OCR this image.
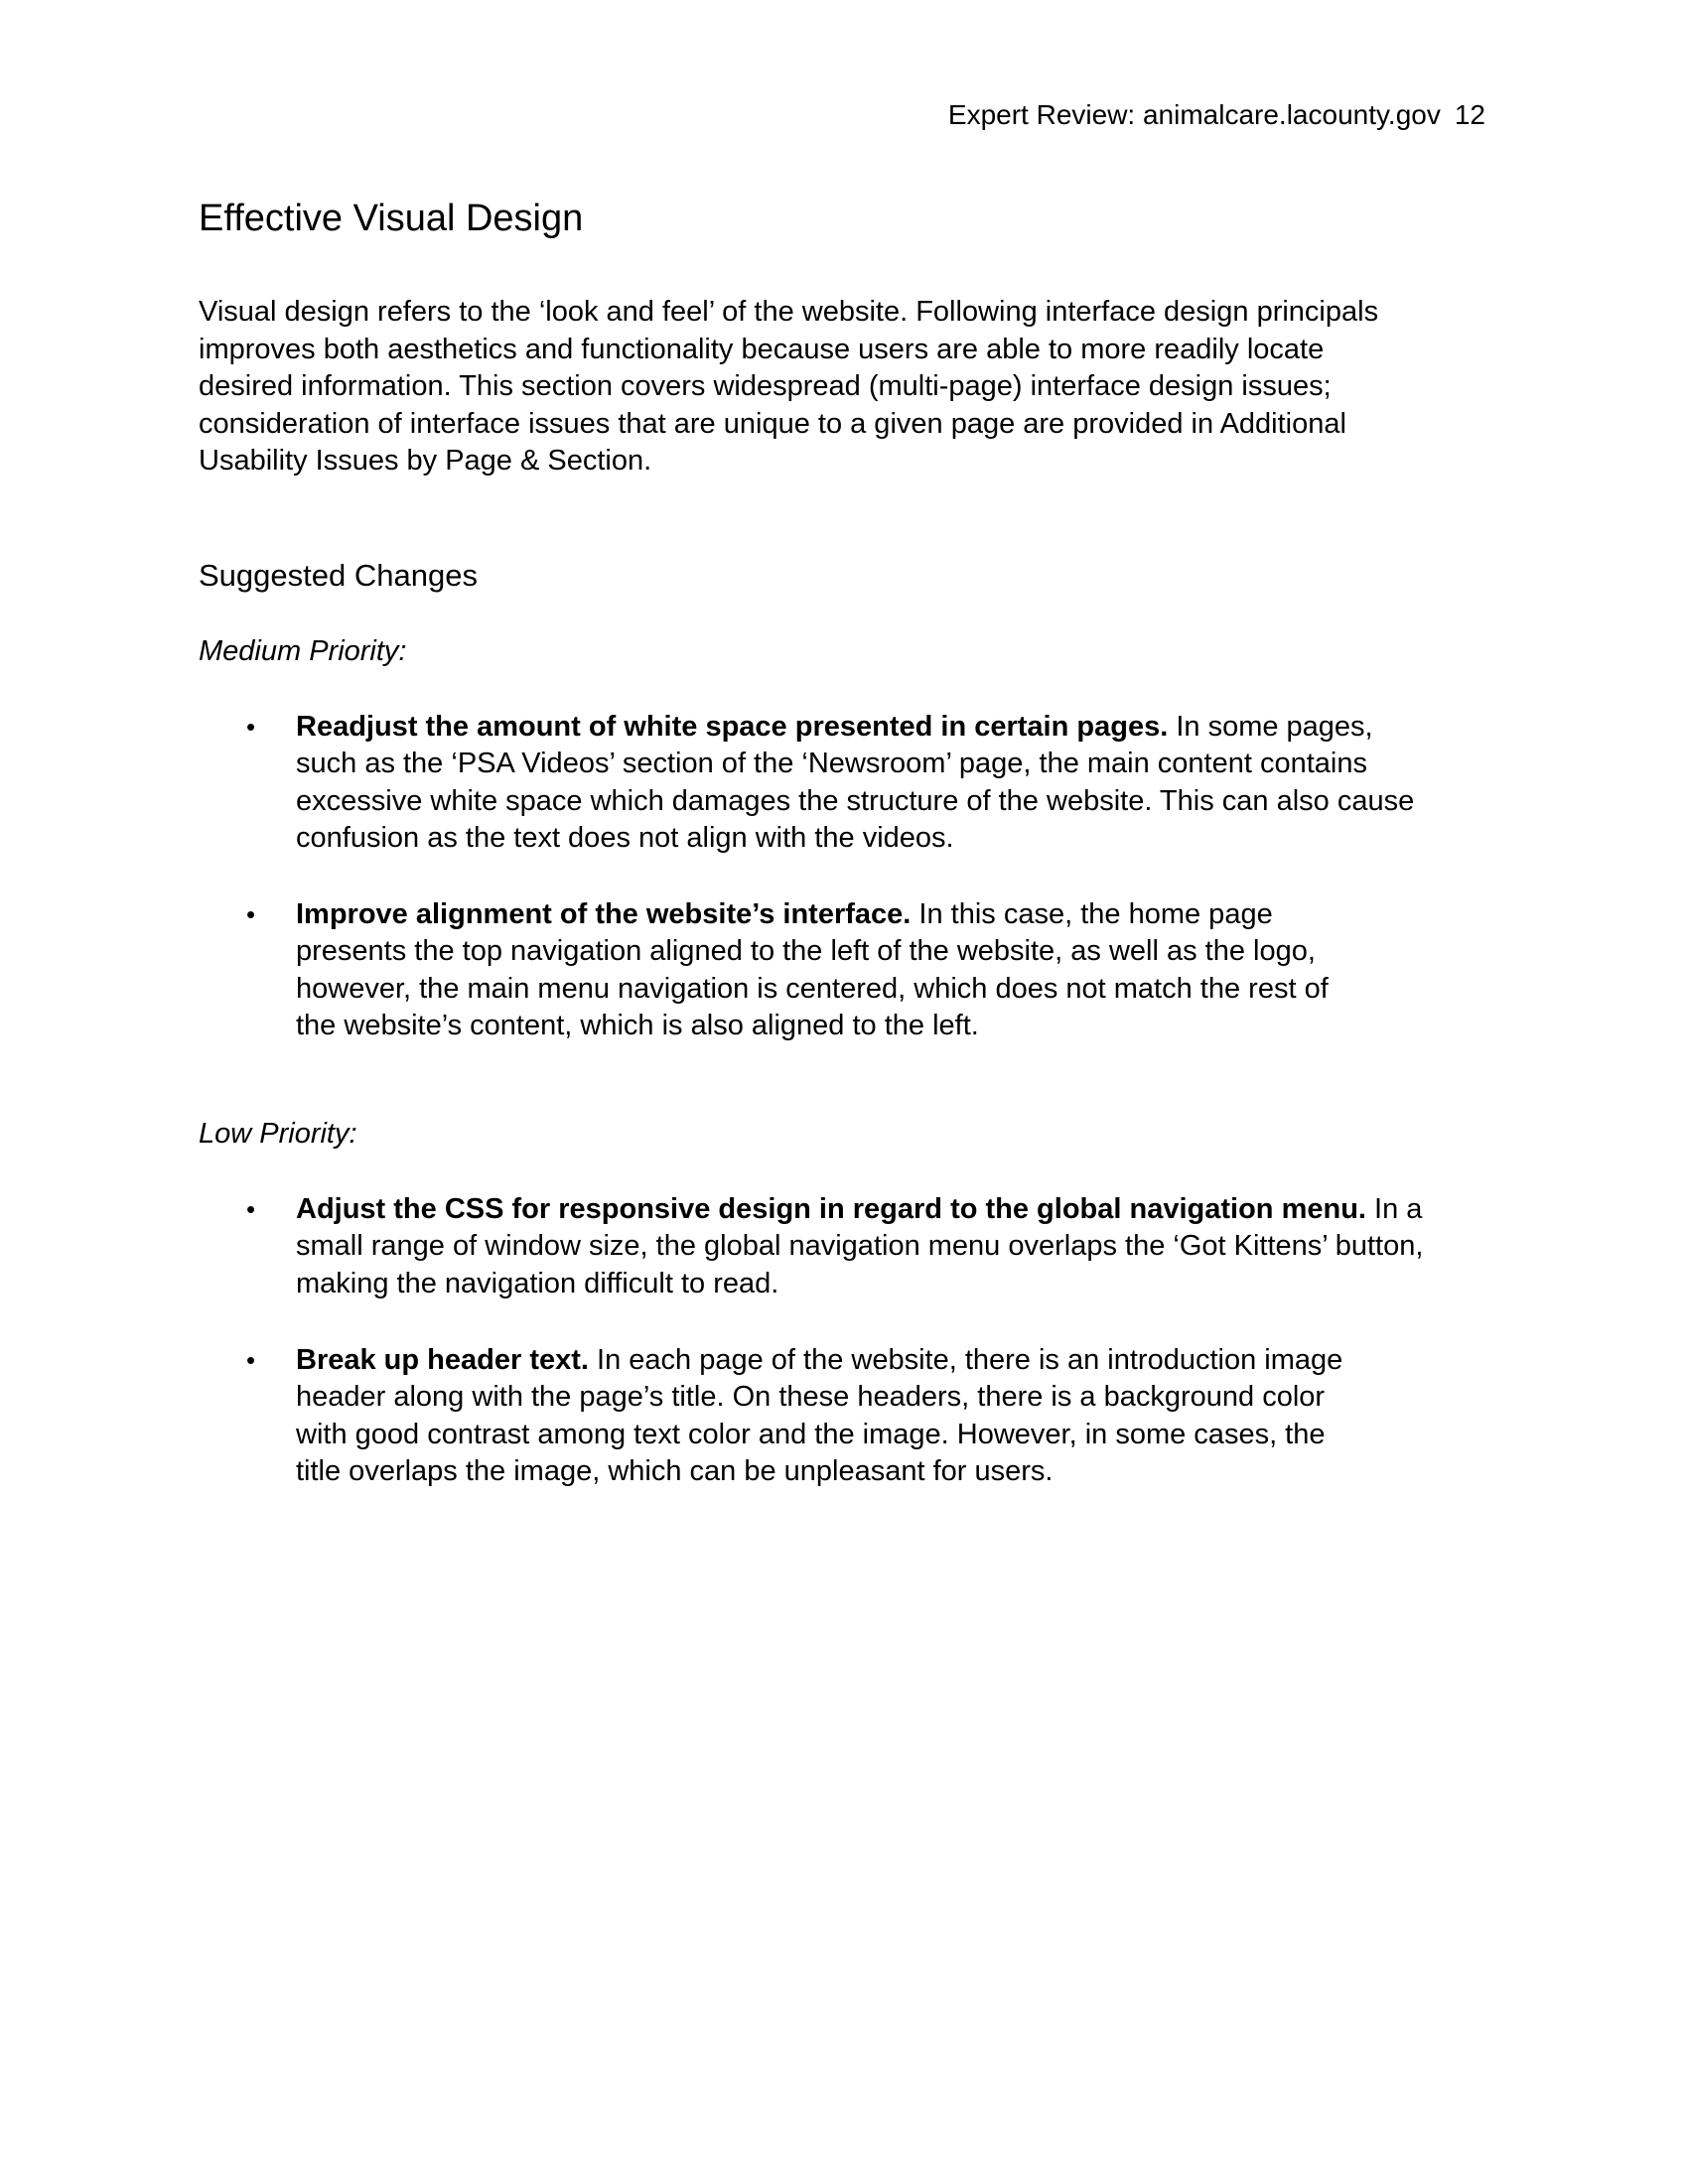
Expert Review: animalcare.lacounty.gov 12
Effective Visual Design

Visual design refers to the ‘look and feel’ of the website. Following interface design principals
improves both aesthetics and functionality because users are able to more readily locate
desired information. This section covers widespread (multi-page) interface design issues;
consideration of interface issues that are unique to a given page are provided in Additional
Usability Issues by Page & Section.

Suggested Changes

Medium Priority:

• Readjust the amount of white space presented in certain pages. In some pages,
such as the ‘PSA Videos’ section of the ‘Newsroom’ page, the main content contains
excessive white space which damages the structure of the website. This can also cause
confusion as the text does not align with the videos.
• Improve alignment of the website’s interface. In this case, the home page
presents the top navigation aligned to the left of the website, as well as the logo,
however, the main menu navigation is centered, which does not match the rest of
the website’s content, which is also aligned to the left.

Low Priority:

• Adjust the CSS for responsive design in regard to the global navigation menu. In a
small range of window size, the global navigation menu overlaps the ‘Got Kittens’ button,
making the navigation difficult to read.
• Break up header text. In each page of the website, there is an introduction image
header along with the page’s title. On these headers, there is a background color
with good contrast among text color and the image. However, in some cases, the
title overlaps the image, which can be unpleasant for users.
